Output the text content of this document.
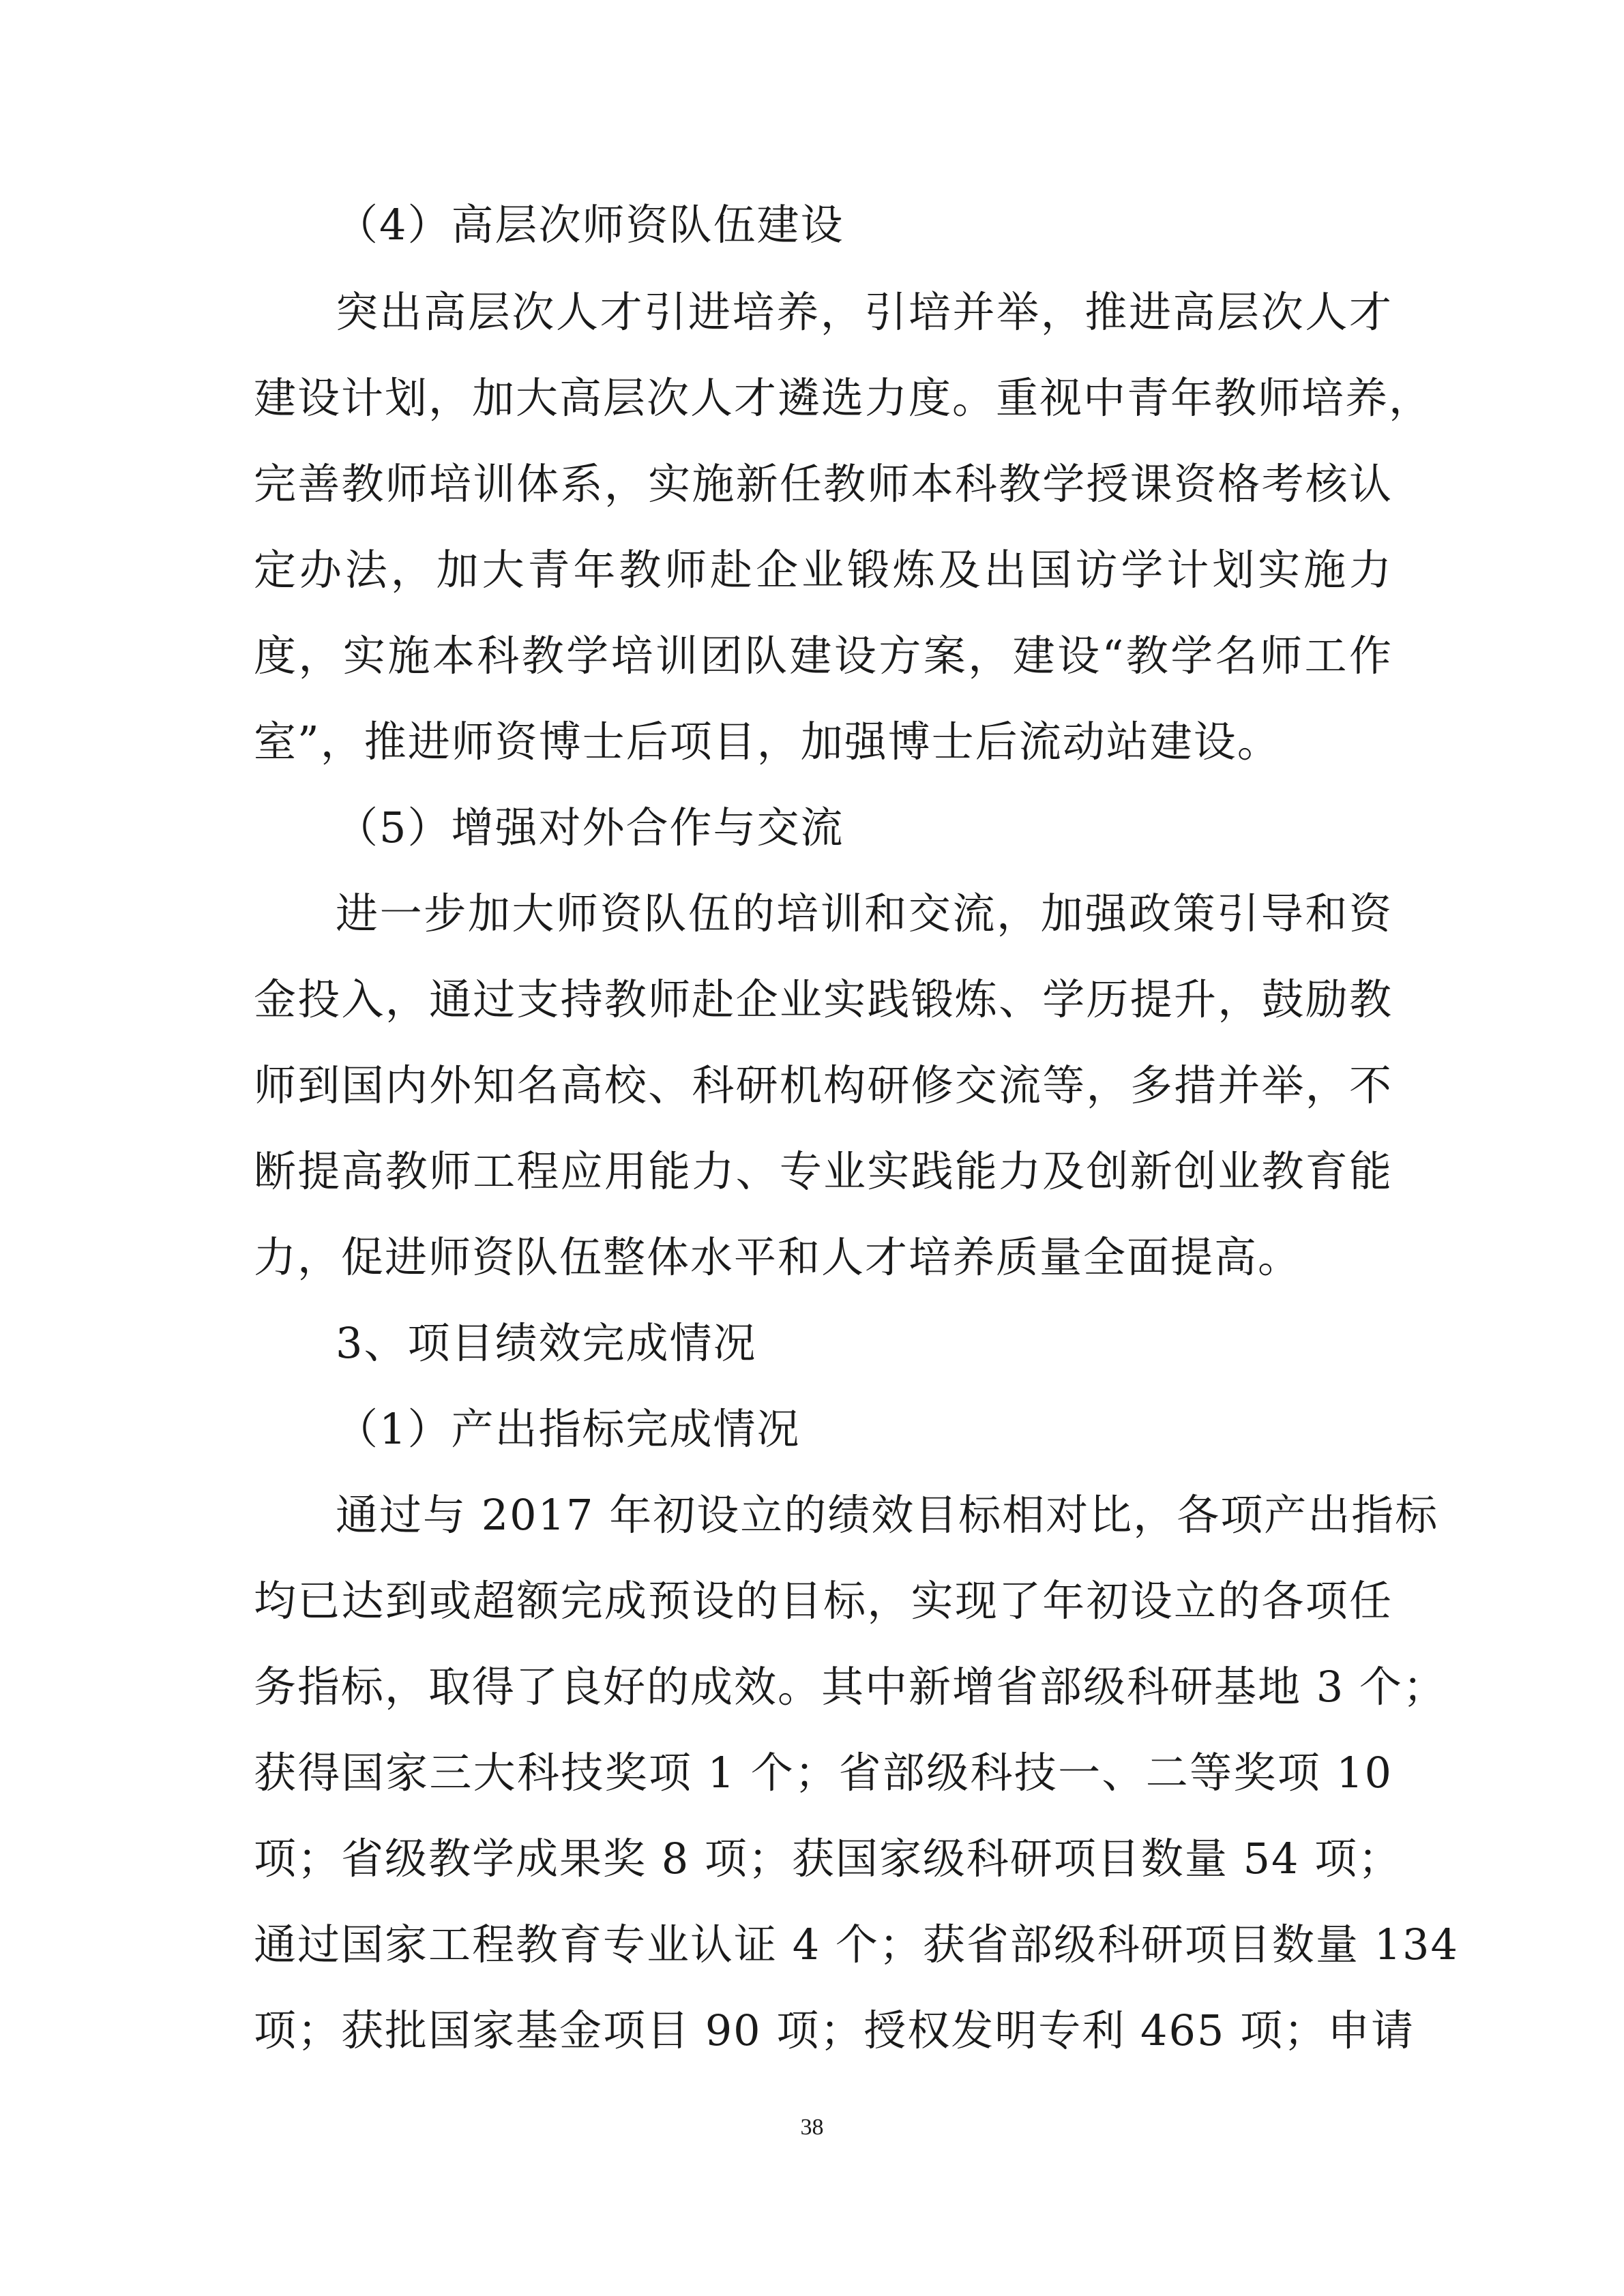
（4）高层次师资队伍建设
突出高层次人才引进培养，引培并举，推进高层次人才
建设计划，加大高层次人才遴选力度。重视中青年教师培养，
完善教师培训体系，实施新任教师本科教学授课资格考核认
定办法，加大青年教师赴企业锻炼及出国访学计划实施力
度，实施本科教学培训团队建设方案，建设“教学名师工作
室”，推进师资博士后项目，加强博士后流动站建设。
（5）增强对外合作与交流
进一步加大师资队伍的培训和交流，加强政策引导和资
金投入，通过支持教师赴企业实践锻炼、学历提升，鼓励教
师到国内外知名高校、科研机构研修交流等，多措并举，不
断提高教师工程应用能力、专业实践能力及创新创业教育能
力，促进师资队伍整体水平和人才培养质量全面提高。
3、项目绩效完成情况
（1）产出指标完成情况
通过与 2017 年初设立的绩效目标相对比，各项产出指标
均已达到或超额完成预设的目标，实现了年初设立的各项任
务指标，取得了良好的成效。其中新增省部级科研基地 3 个；
获得国家三大科技奖项 1 个；省部级科技一、二等奖项 10
项；省级教学成果奖 8 项；获国家级科研项目数量 54 项；
通过国家工程教育专业认证 4 个；获省部级科研项目数量 134
项；获批国家基金项目 90 项；授权发明专利 465 项；申请
38
